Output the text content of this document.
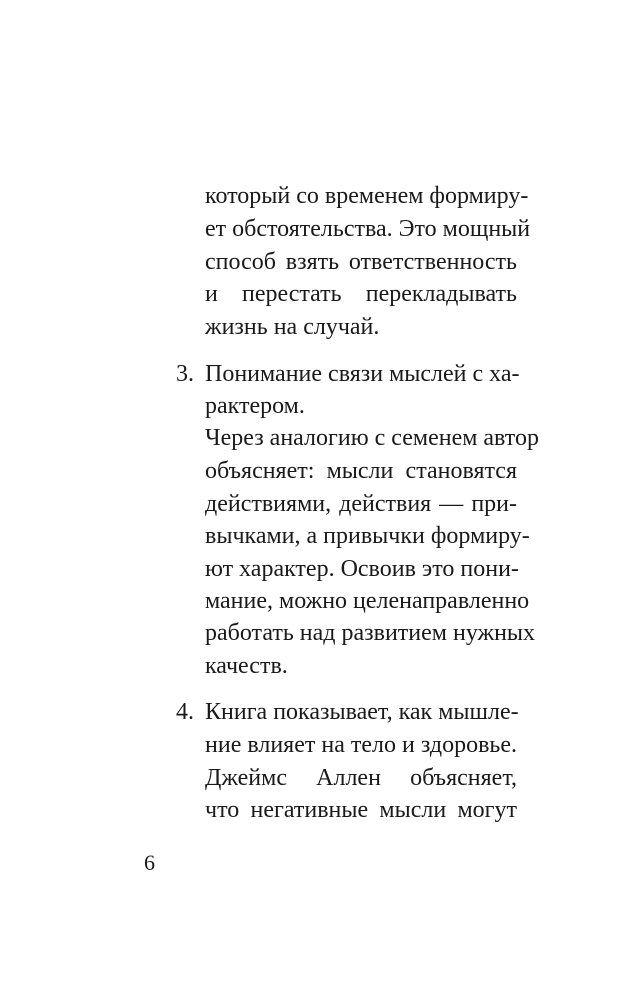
который со временем формиру-
ет обстоятельства. Это мощный
способ взять ответственность
и перестать перекладывать
жизнь на случай.
3. Понимание связи мыслей с ха-
рактером.
Через аналогию с семенем автор
объясняет: мысли становятся
действиями, действия — при-
вычками, а привычки формиру-
ют характер. Освоив это пони-
мание, можно целенаправленно
работать над развитием нужных
качеств.
4. Книга показывает, как мышле-
ние влияет на тело и здоровье.
Джеймс Аллен объясняет,
что негативные мысли могут
6
